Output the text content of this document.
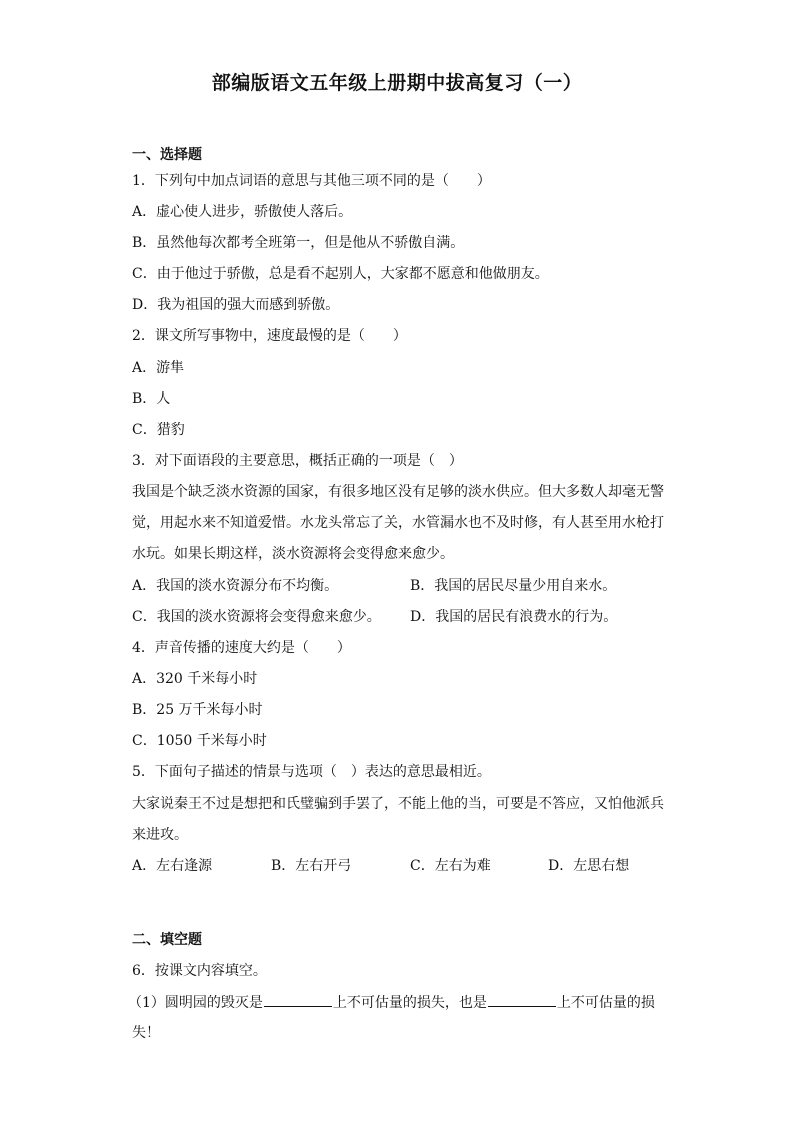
部编版语文五年级上册期中拔高复习（一）
一、选择题
1．下列句中加点词语的意思与其他三项不同的是（　　）
A．虚心使人进步，骄傲使人落后。
B．虽然他每次都考全班第一，但是他从不骄傲自满。
C．由于他过于骄傲，总是看不起别人，大家都不愿意和他做朋友。
D．我为祖国的强大而感到骄傲。
2．课文所写事物中，速度最慢的是（　　）
A．游隼
B．人
C．猎豹
3．对下面语段的主要意思，概括正确的一项是（　）
我国是个缺乏淡水资源的国家，有很多地区没有足够的淡水供应。但大多数人却毫无警
觉，用起水来不知道爱惜。水龙头常忘了关，水管漏水也不及时修，有人甚至用水枪打
水玩。如果长期这样，淡水资源将会变得愈来愈少。
A．我国的淡水资源分布不均衡。	B．我国的居民尽量少用自来水。
C．我国的淡水资源将会变得愈来愈少。 D．我国的居民有浪费水的行为。
4．声音传播的速度大约是（　　）
A．320 千米每小时
B．25 万千米每小时
C．1050 千米每小时
5．下面句子描述的情景与选项（　）表达的意思最相近。
大家说秦王不过是想把和氏璧骗到手罢了，不能上他的当，可要是不答应，又怕他派兵
来进攻。
A．左右逢源	B．左右开弓	C．左右为难	D．左思右想
二、填空题
6．按课文内容填空。
（1）圆明园的毁灭是	上不可估量的损失，也是	上不可估量的损
失！
